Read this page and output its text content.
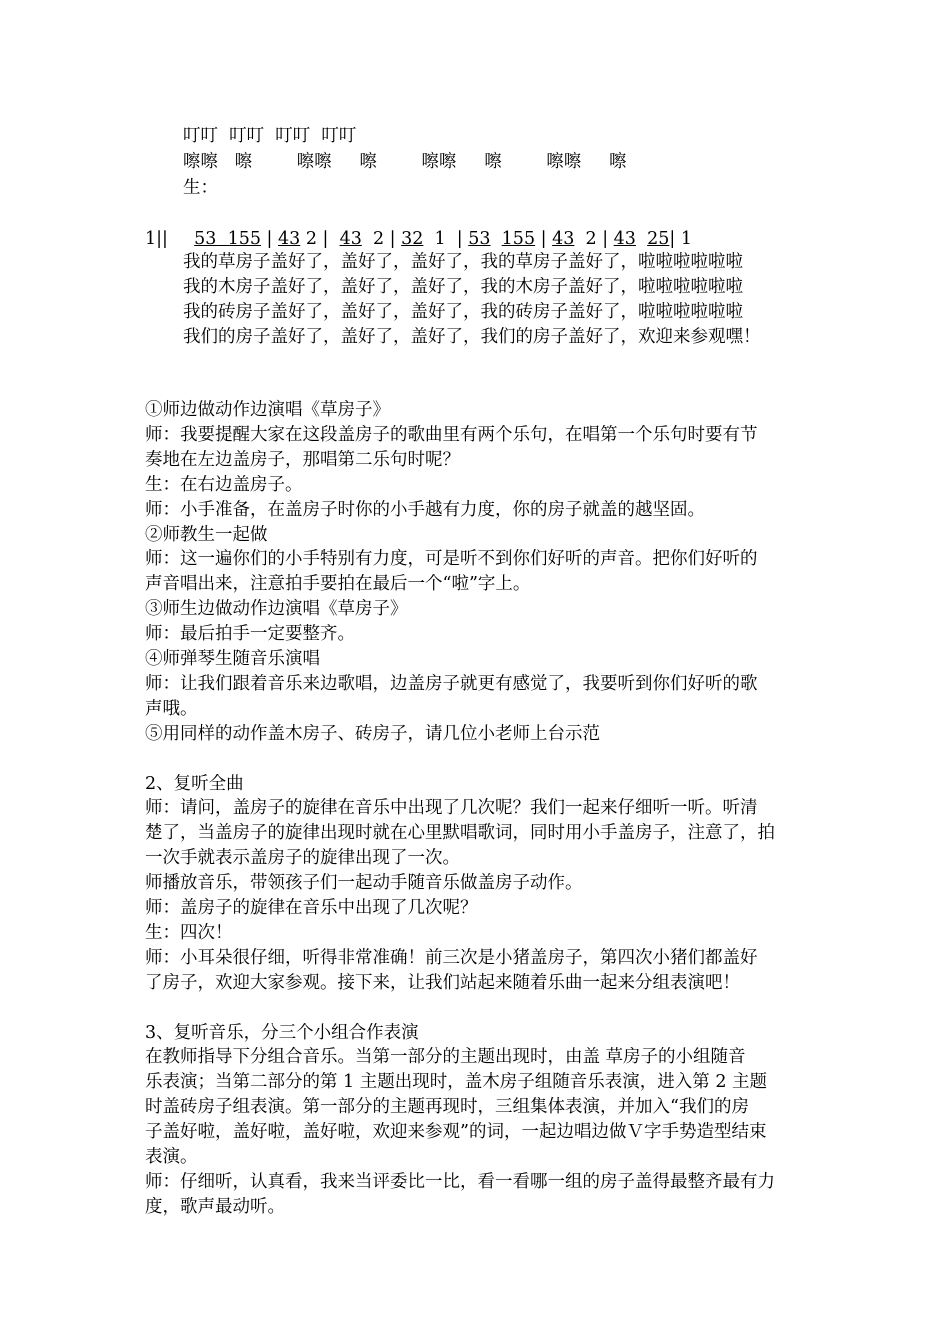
叮叮  叮叮  叮叮  叮叮
嚓嚓   嚓        嚓嚓     嚓        嚓嚓     嚓        嚓嚓     嚓
生：

53 155 | 43 2 |  43  2 | 32  1  | 53 155 | 43  2 | 43 25| 1

1||
我的草房子盖好了，盖好了，盖好了，我的草房子盖好了，啦啦啦啦啦啦
我的木房子盖好了，盖好了，盖好了，我的木房子盖好了，啦啦啦啦啦啦
我的砖房子盖好了，盖好了，盖好了，我的砖房子盖好了，啦啦啦啦啦啦
我们的房子盖好了，盖好了，盖好了，我们的房子盖好了，欢迎来参观嘿！
①师边做动作边演唱《草房子》
师：我要提醒大家在这段盖房子的歌曲里有两个乐句，在唱第一个乐句时要有节
奏地在左边盖房子，那唱第二乐句时呢？
生：在右边盖房子。
师：小手准备，在盖房子时你的小手越有力度，你的房子就盖的越坚固。
②师教生一起做
师：这一遍你们的小手特别有力度，可是听不到你们好听的声音。把你们好听的
声音唱出来，注意拍手要拍在最后一个“啦”字上。
③师生边做动作边演唱《草房子》
师：最后拍手一定要整齐。
④师弹琴生随音乐演唱
师：让我们跟着音乐来边歌唱，边盖房子就更有感觉了，我要听到你们好听的歌
声哦。
⑤用同样的动作盖木房子、砖房子，请几位小老师上台示范
2、复听全曲
师：请问，盖房子的旋律在音乐中出现了几次呢？我们一起来仔细听一听。听清
楚了，当盖房子的旋律出现时就在心里默唱歌词，同时用小手盖房子，注意了，拍
一次手就表示盖房子的旋律出现了一次。
师播放音乐，带领孩子们一起动手随音乐做盖房子动作。
师：盖房子的旋律在音乐中出现了几次呢？
生：四次！
师：小耳朵很仔细，听得非常准确！前三次是小猪盖房子，第四次小猪们都盖好
了房子，欢迎大家参观。接下来，让我们站起来随着乐曲一起来分组表演吧！
3、复听音乐，分三个小组合作表演
在教师指导下分组合音乐。当第一部分的主题出现时，由盖 草房子的小组随音
乐表演；当第二部分的第 1 主题出现时，盖木房子组随音乐表演，进入第 2 主题
时盖砖房子组表演。第一部分的主题再现时，三组集体表演，并加入“我们的房
子盖好啦，盖好啦，盖好啦，欢迎来参观”的词，一起边唱边做Ｖ字手势造型结束
表演。
师：仔细听，认真看，我来当评委比一比，看一看哪一组的房子盖得最整齐最有力
度，歌声最动听。
